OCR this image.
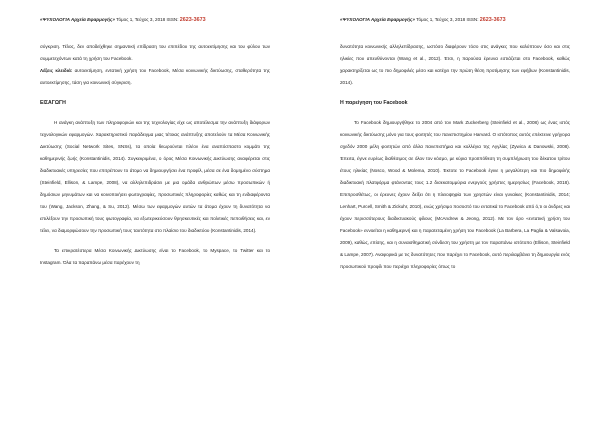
«ΨΥΧΟΛΟΓΙΑ Αρχεία Εφαρμογής» Τόμος 1, Τεύχος 3, 2018 ISSN: 2623-3673

σύγκριση. Τέλος, δεν αποδείχθηκε σημαντική επίδραση του επιπέδου της αυτοεκτίμησης και του φύλου των συμμετεχόντων κατά τη χρήση του Facebook.

Λέξεις κλειδιά: αυτοεκτίμηση, εντατική χρήση του Facebook, Μέσα κοινωνικής δικτύωσης, σταθερότητα της αυτοεκτίμησης, τάση για κοινωνική σύγκριση.

ΕΙΣΑΓΩΓΗ

Η ανάγκη ανάπτυξη των πληροφοριών και της τεχνολογίας είχε ως αποτέλεσμα την ανάπτυξη διάφορων τεχνολογικών εφαρμογών. Χαρακτηριστικό παράδειγμα μιας τέτοιας ανάπτυξης αποτελούν τα Μέσα Κοινωνικής Δικτύωσης (Social Network Sites, SNSs), τα οποία θεωρούνται πλέον ένα αναπόσπαστο κομμάτι της καθημερινής ζωής (Konstantinidis, 2014). Συγκεκριμένα, ο όρος Μέσα Κοινωνικής Δικτύωσης αναφέρεται στις διαδικτυακές υπηρεσίες που επιτρέπουν το άτομο να δημιουργήσει ένα προφίλ, μέσα σε ένα δομημένο σύστημα (Steinfield, Ellison, & Lampe, 2008), να αλληλεπιδράσει με μια ομάδα ανθρώπων μέσω προσωπικών ή δημόσιων μηνυμάτων και να κοινοποιήσει φωτογραφίες, προσωπικές πληροφορίες καθώς και τη ενδιαφέροντα του (Wang, Jackson, Zhang, & Su, 2012). Μέσω των εφαρμογών αυτών τα άτομα έχουν τη δυνατότητα να επιλέξουν την προσωπική τους φωτογραφία, να εξωτερικεύσουν θρησκευτικές και πολιτικές πεποιθήσεις και, εν τέλει, να διαμορφώσουν την προσωπική τους ταυτότητα στο πλαίσιο του διαδικτύου (Konstantinidis, 2014).

Τα επικρατέστερα Μέσα Κοινωνικής Δικτύωσης είναι το Facebook, το Myspace, το Twitter και το Instagram. Όλα τα παραπάνω μέσα παρέχουν τη

«ΨΥΧΟΛΟΓΙΑ Αρχεία Εφαρμογής» Τόμος 1, Τεύχος 3, 2018 ISSN: 2623-3673

δυνατότητα κοινωνικής αλληλεπίδρασης, ωστόσο διαφέρουν τόσο στις ανάγκες που καλύπτουν όσο και στις ηλικίες που απευθύνονται (Wang et al., 2012). Έτσι, η παρούσα έρευνα εστιάζεται στο Facebook, καθώς χαρακτηρίζεται ως το πιο δημοφιλές μέσο και κατέχει την πρώτη θέση προτίμησης των εφήβων (Konstantinidis, 2014).

Η παρείγηση του Facebook

Το Facebook δημιουργήθηκε το 2004 από τον Mark Zuckerberg (Steinfield et al., 2008) ως ένας ιστός κοινωνικής δικτύωσης μόνο για τους φοιτητές του πανεπιστημίου Harvard. Ο ιστότοπος αυτός επέκτεινε γρήγορα σχεδόν 2000 μέλη φοιτητών από άλλα πανεπιστήμια και κολλέγια της Αγγλίας (Zywica & Danowski, 2008). Έπειτα, έγινε ευρέως διαθέσιμος σε όλον τον κόσμο, με κύρια προϋπόθεση τη συμπλήρωση του δέκατου τρίτου έτους ηλικίας (Nosco, Wood & Molema, 2010). Έκτοτε το Facebook έγινε η μεγαλύτερη και πιο δημοφιλής διαδικτυακή πλατφόρμα φτάνοντας τους 1.2 δισεκατομμύρια ενεργούς χρήστες ημερησίως (Facebook, 2018). Επιπροσθέτως, οι έρευνες έχουν δείξει ότι η πλειοψηφία των χρηστών είναι γυναίκες (Konstantinidis, 2014; Lenhart, Purcell, Smith & Zickuhr, 2010), ενώς χρήσιμο ποσοστό του εντατικά το Facebook από ό,τι οι άνδρες και έχουν περισσότερους διαδικτυακούς φίλους (McAndrew & Jeong, 2012). Με τον όρο «εντατική χρήση του Facebook» εννοείται η καθημερινή και η παρατεταμένη χρήση του Facebook (La Barbera, La Paglia & Valsavoia, 2009), καθώς, επίσης, και η συναισθηματική σύνδεση του χρήστη με τον παραπάνω ιστότοπο (Ellison, Steinfield & Lampe, 2007). Αναφορικά με τις δυνατότητες που παρέχει το Facebook, αυτό περιλαμβάνει τη δημιουργία ενός προσωπικού προφίλ που περιέχει πληροφορίες όπως το
